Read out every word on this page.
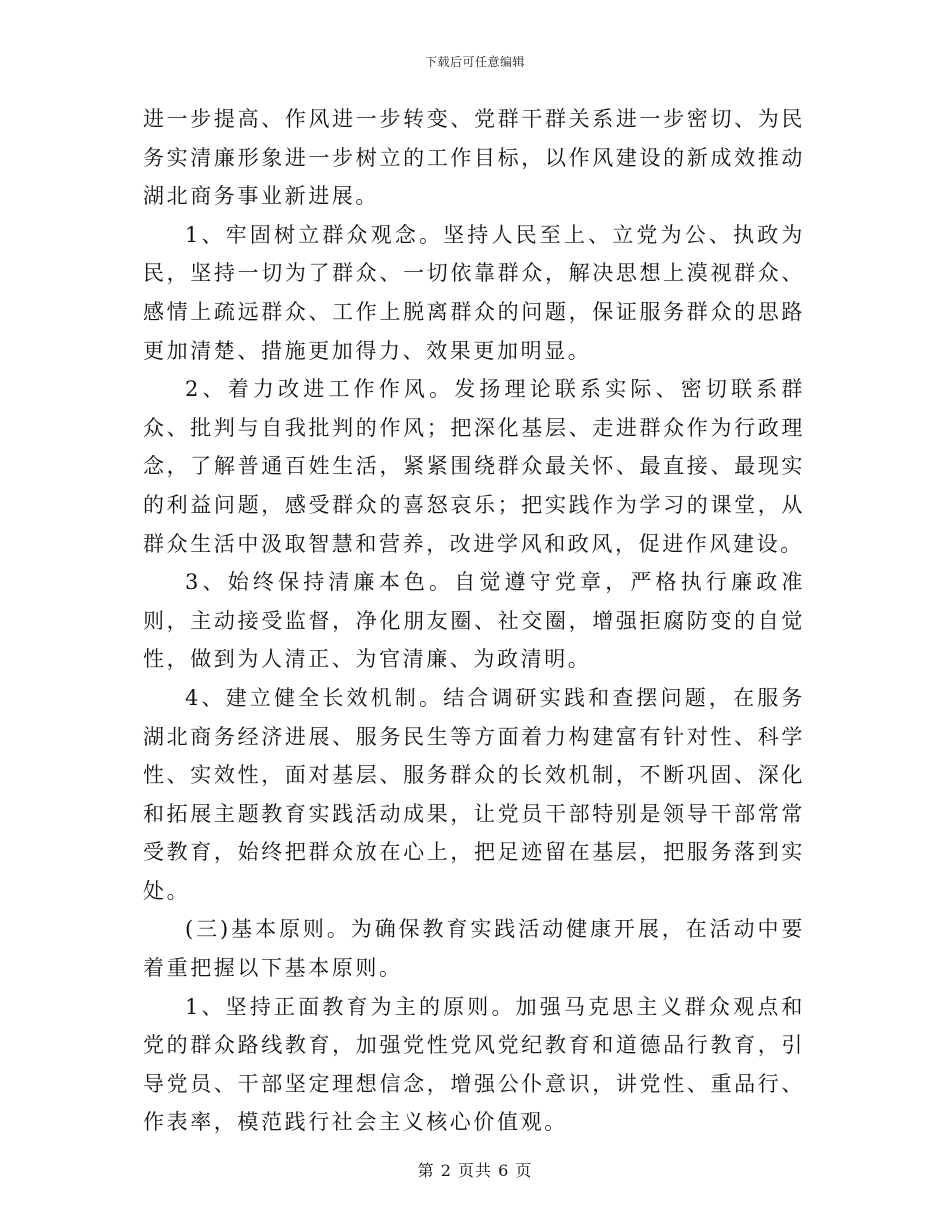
下载后可任意编辑

进一步提高、作风进一步转变、党群干群关系进一步密切、为民务实清廉形象进一步树立的工作目标，以作风建设的新成效推动湖北商务事业新进展。

1、牢固树立群众观念。坚持人民至上、立党为公、执政为民，坚持一切为了群众、一切依靠群众，解决思想上漠视群众、感情上疏远群众、工作上脱离群众的问题，保证服务群众的思路更加清楚、措施更加得力、效果更加明显。

2、着力改进工作作风。发扬理论联系实际、密切联系群众、批判与自我批判的作风；把深化基层、走进群众作为行政理念，了解普通百姓生活，紧紧围绕群众最关怀、最直接、最现实的利益问题，感受群众的喜怒哀乐；把实践作为学习的课堂，从群众生活中汲取智慧和营养，改进学风和政风，促进作风建设。

3、始终保持清廉本色。自觉遵守党章，严格执行廉政准则，主动接受监督，净化朋友圈、社交圈，增强拒腐防变的自觉性，做到为人清正、为官清廉、为政清明。

4、建立健全长效机制。结合调研实践和查摆问题，在服务湖北商务经济进展、服务民生等方面着力构建富有针对性、科学性、实效性，面对基层、服务群众的长效机制，不断巩固、深化和拓展主题教育实践活动成果，让党员干部特别是领导干部常常受教育，始终把群众放在心上，把足迹留在基层，把服务落到实处。

(三)基本原则。为确保教育实践活动健康开展，在活动中要着重把握以下基本原则。

1、坚持正面教育为主的原则。加强马克思主义群众观点和党的群众路线教育，加强党性党风党纪教育和道德品行教育，引导党员、干部坚定理想信念，增强公仆意识，讲党性、重品行、作表率，模范践行社会主义核心价值观。

第 2 页共 6 页
